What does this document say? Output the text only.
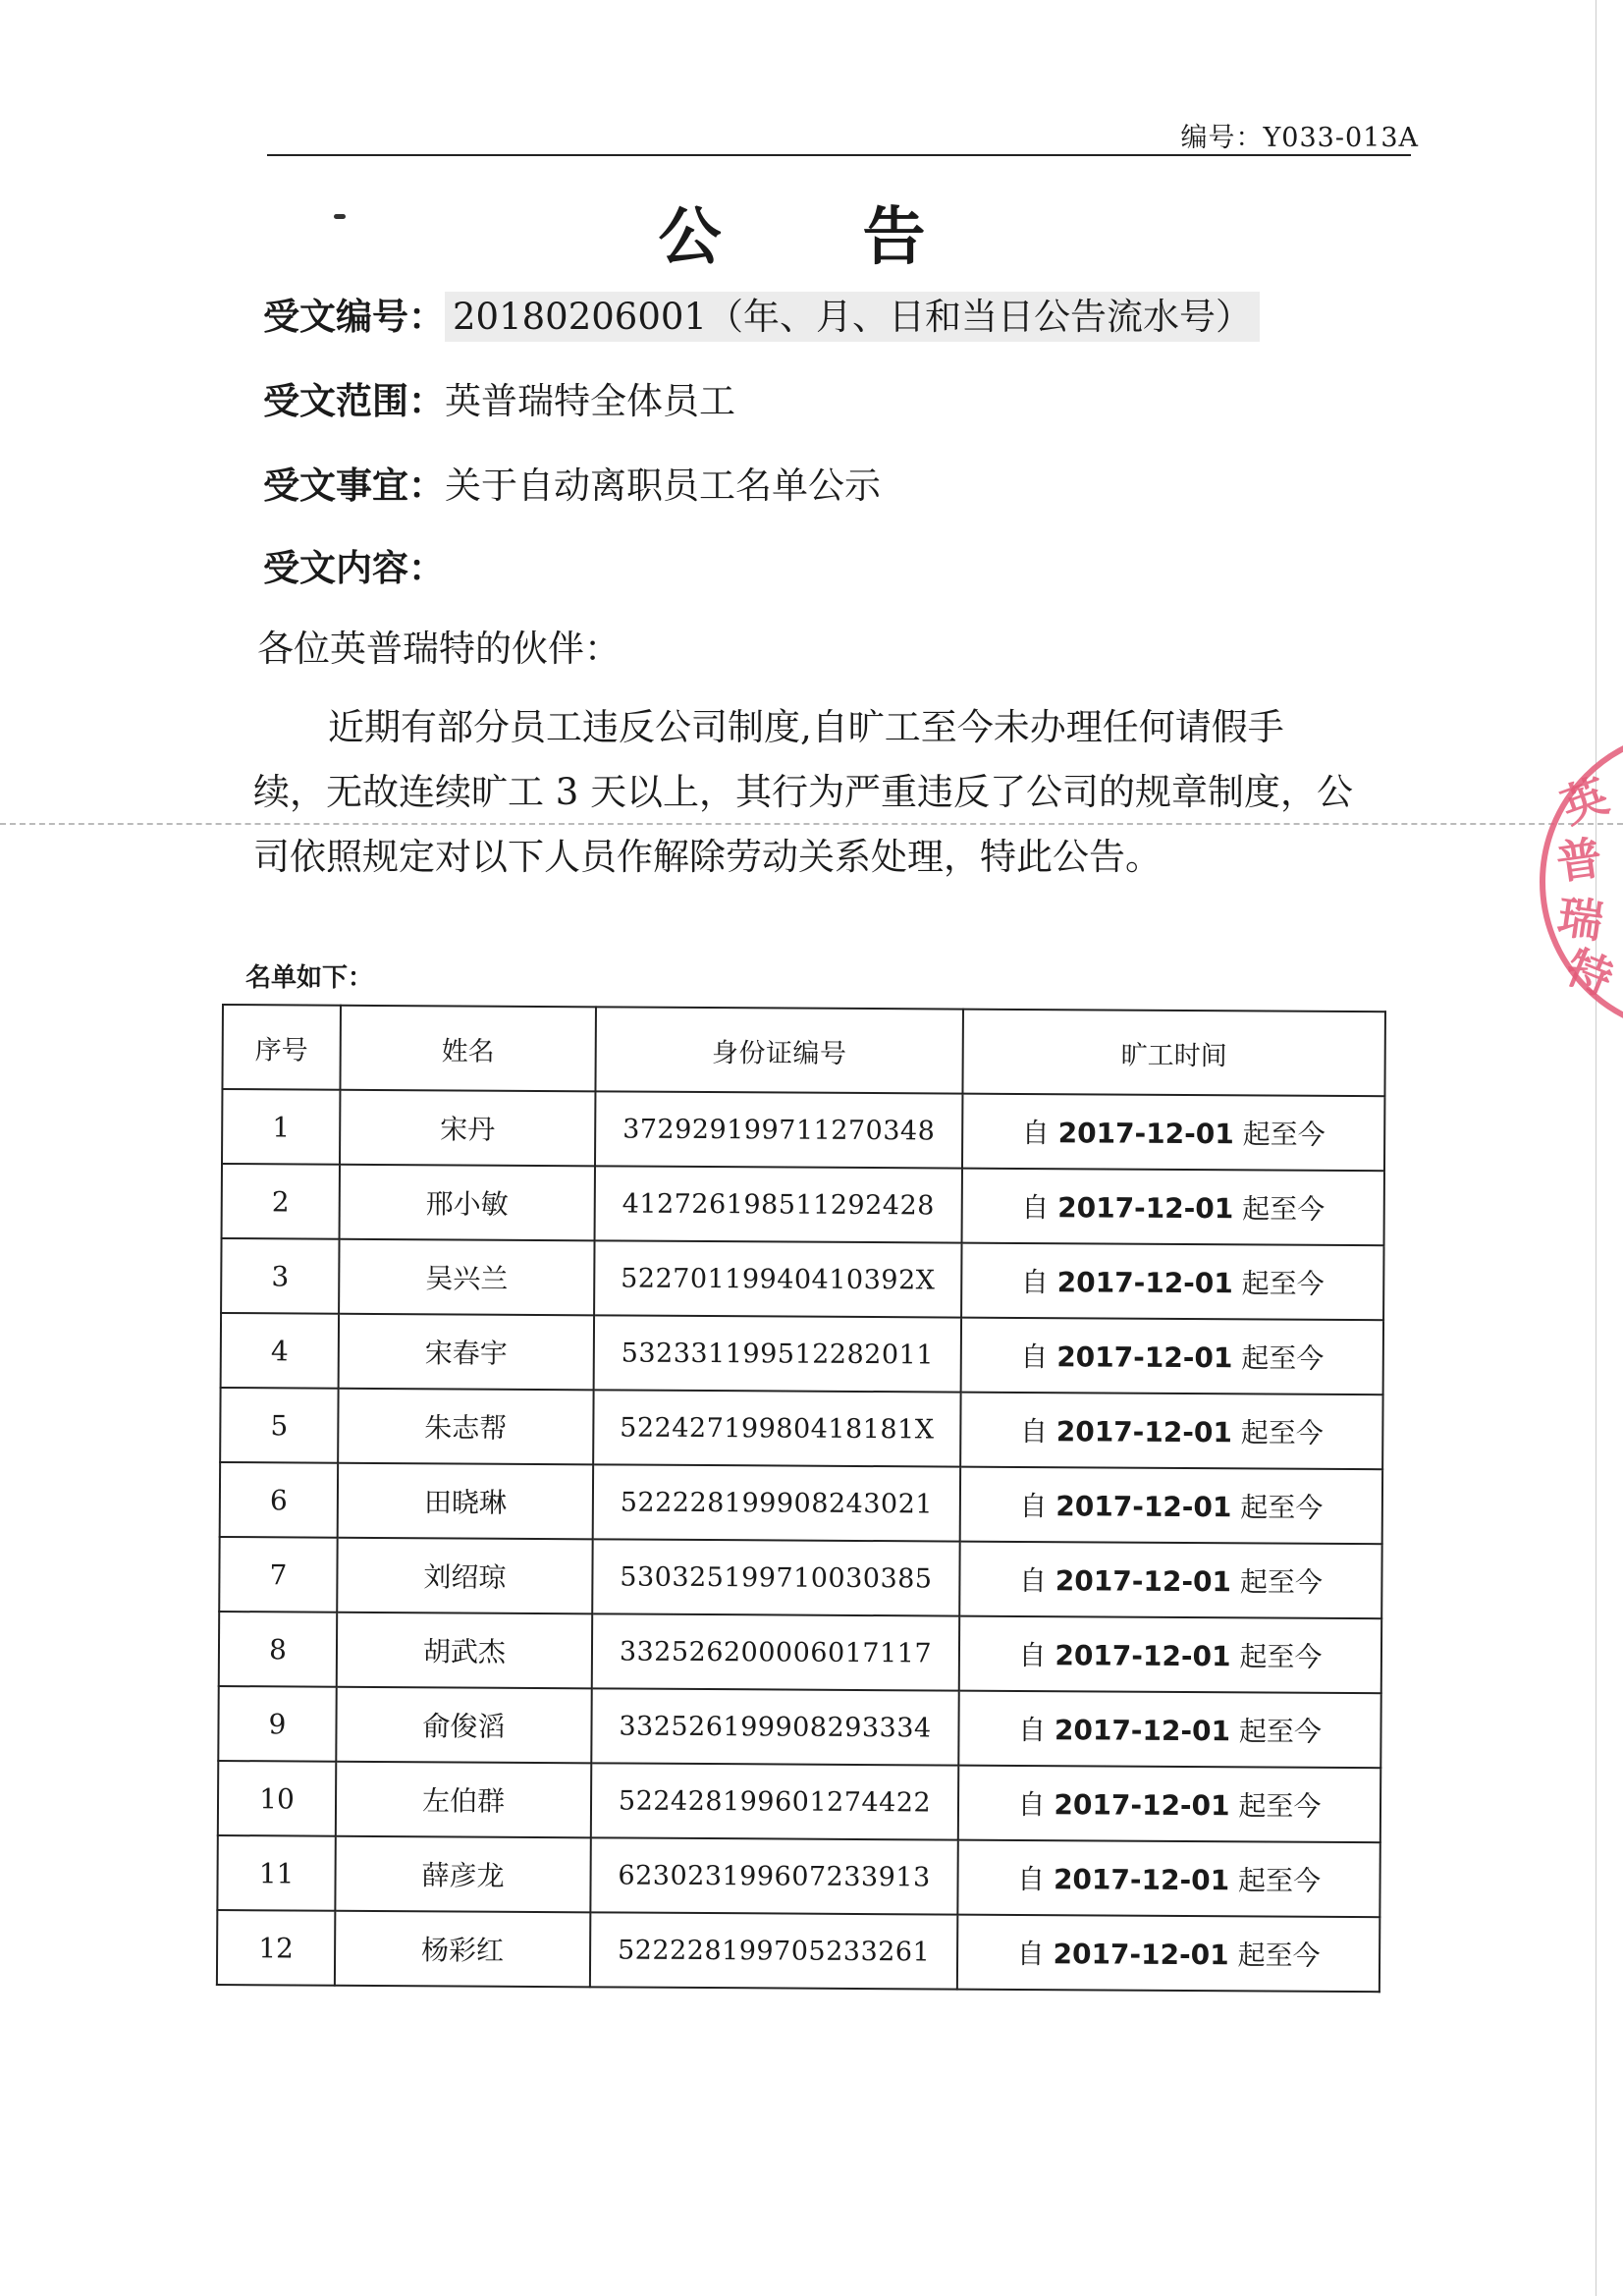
编号：Y033-013A
公　告
受文编号： 20180206001（年、月、日和当日公告流水号）
受文范围：英普瑞特全体员工
受文事宜：关于自动离职员工名单公示
受文内容：
各位英普瑞特的伙伴：
近期有部分员工违反公司制度,自旷工至今未办理任何请假手
续，无故连续旷工 3 天以上，其行为严重违反了公司的规章制度，公
司依照规定对以下人员作解除劳动关系处理，特此公告。
名单如下：
序号	姓名	身份证编号	旷工时间
1	宋丹	372929199711270348	自 2017-12-01 起至今
2	邢小敏	412726198511292428	自 2017-12-01 起至今
3	吴兴兰	52270119940410392X	自 2017-12-01 起至今
4	宋春宇	532331199512282011	自 2017-12-01 起至今
5	朱志帮	52242719980418181X	自 2017-12-01 起至今
6	田晓琳	522228199908243021	自 2017-12-01 起至今
7	刘绍琼	530325199710030385	自 2017-12-01 起至今
8	胡武杰	332526200006017117	自 2017-12-01 起至今
9	俞俊滔	332526199908293334	自 2017-12-01 起至今
10	左伯群	522428199601274422	自 2017-12-01 起至今
11	薛彦龙	623023199607233913	自 2017-12-01 起至今
12	杨彩红	522228199705233261	自 2017-12-01 起至今
英
普
瑞
特
